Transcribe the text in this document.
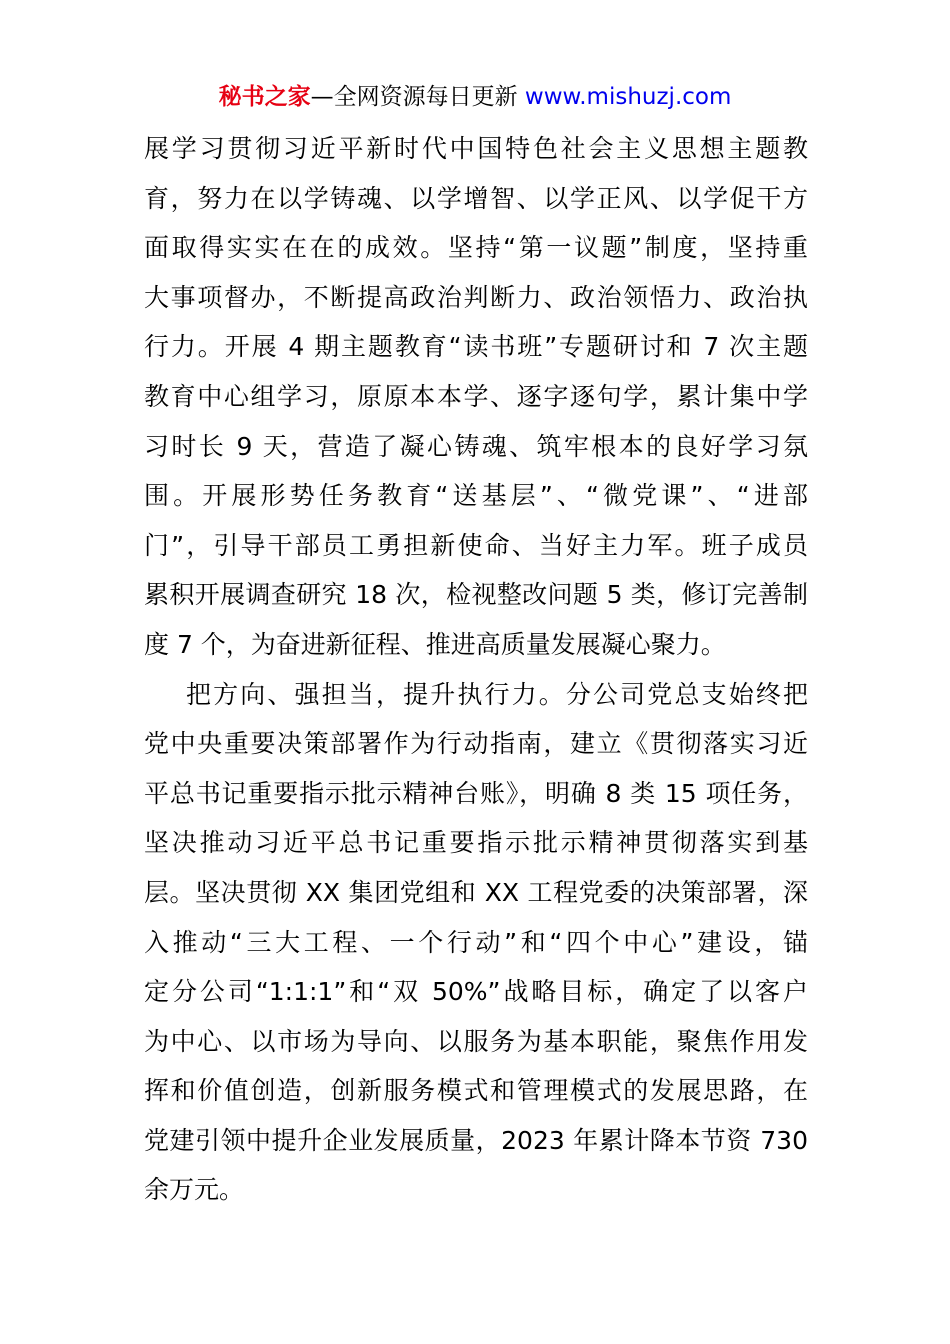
秘书之家—全网资源每日更新 www.mishuzj.com
展学习贯彻习近平新时代中国特色社会主义思想主题教
育，努力在以学铸魂、以学增智、以学正风、以学促干方
面取得实实在在的成效。坚持“第一议题”制度，坚持重
大事项督办，不断提高政治判断力、政治领悟力、政治执
行力。开展 4 期主题教育“读书班”专题研讨和 7 次主题
教育中心组学习，原原本本学、逐字逐句学，累计集中学
习时长 9 天，营造了凝心铸魂、筑牢根本的良好学习氛
围。开展形势任务教育“送基层”、“微党课”、“进部
门”，引导干部员工勇担新使命、当好主力军。班子成员
累积开展调查研究 18 次，检视整改问题 5 类，修订完善制
度 7 个，为奋进新征程、推进高质量发展凝心聚力。
把方向、强担当，提升执行力。分公司党总支始终把
党中央重要决策部署作为行动指南，建立《贯彻落实习近
平总书记重要指示批示精神台账》，明确 8 类 15 项任务，
坚决推动习近平总书记重要指示批示精神贯彻落实到基
层。坚决贯彻 XX 集团党组和 XX 工程党委的决策部署，深
入推动“三大工程、一个行动”和“四个中心”建设，锚
定分公司“1:1:1”和“双 50%”战略目标，确定了以客户
为中心、以市场为导向、以服务为基本职能，聚焦作用发
挥和价值创造，创新服务模式和管理模式的发展思路，在
党建引领中提升企业发展质量，2023 年累计降本节资 730
余万元。
